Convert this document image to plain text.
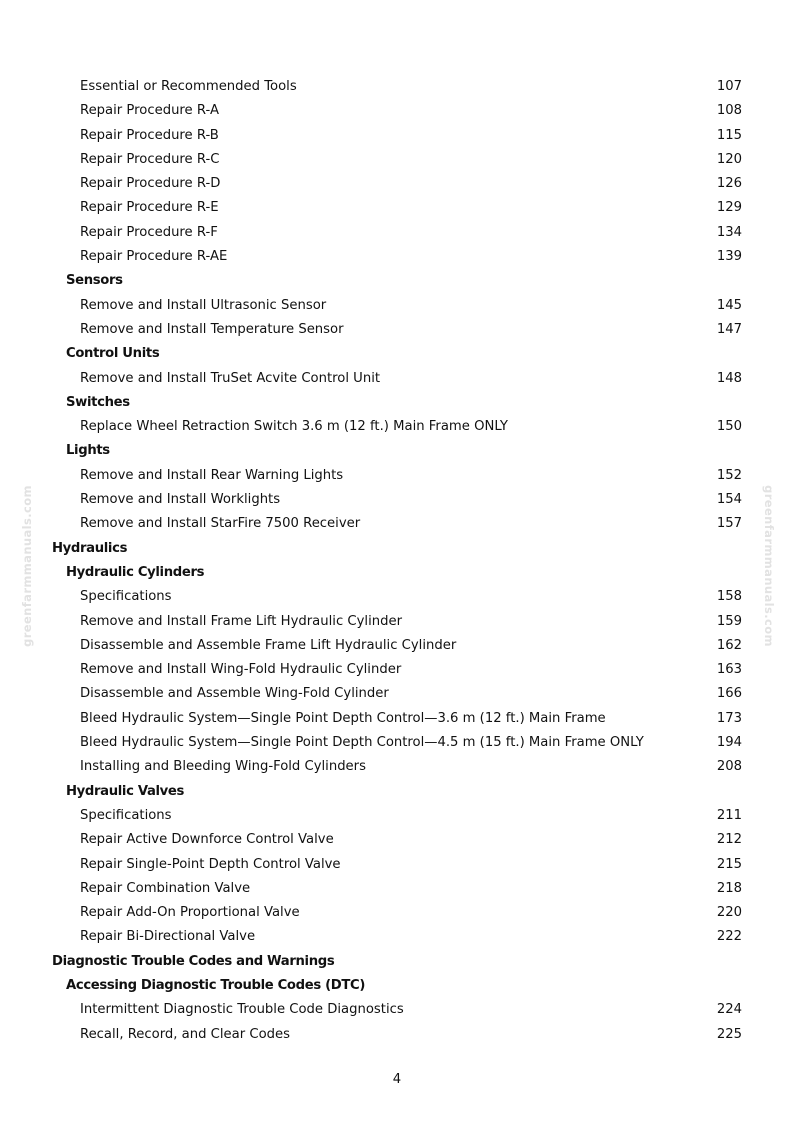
greenfarmmanuals.com	greenfarmmanuals.com
Essential or Recommended Tools	107
Repair Procedure R-A	108
Repair Procedure R-B	115
Repair Procedure R-C	120
Repair Procedure R-D	126
Repair Procedure R-E	129
Repair Procedure R-F	134
Repair Procedure R-AE	139
Sensors
Remove and Install Ultrasonic Sensor	145
Remove and Install Temperature Sensor	147
Control Units
Remove and Install TruSet Acvite Control Unit	148
Switches
Replace Wheel Retraction Switch 3.6 m (12 ft.) Main Frame ONLY	150
Lights
Remove and Install Rear Warning Lights	152
Remove and Install Worklights	154
Remove and Install StarFire 7500 Receiver	157
Hydraulics
Hydraulic Cylinders
Specifications	158
Remove and Install Frame Lift Hydraulic Cylinder	159
Disassemble and Assemble Frame Lift Hydraulic Cylinder	162
Remove and Install Wing-Fold Hydraulic Cylinder	163
Disassemble and Assemble Wing-Fold Cylinder	166
Bleed Hydraulic System—Single Point Depth Control—3.6 m (12 ft.) Main Frame	173
Bleed Hydraulic System—Single Point Depth Control—4.5 m (15 ft.) Main Frame ONLY	194
Installing and Bleeding Wing-Fold Cylinders	208
Hydraulic Valves
Specifications	211
Repair Active Downforce Control Valve	212
Repair Single-Point Depth Control Valve	215
Repair Combination Valve	218
Repair Add-On Proportional Valve	220
Repair Bi-Directional Valve	222
Diagnostic Trouble Codes and Warnings
Accessing Diagnostic Trouble Codes (DTC)
Intermittent Diagnostic Trouble Code Diagnostics	224
Recall, Record, and Clear Codes	225
4
